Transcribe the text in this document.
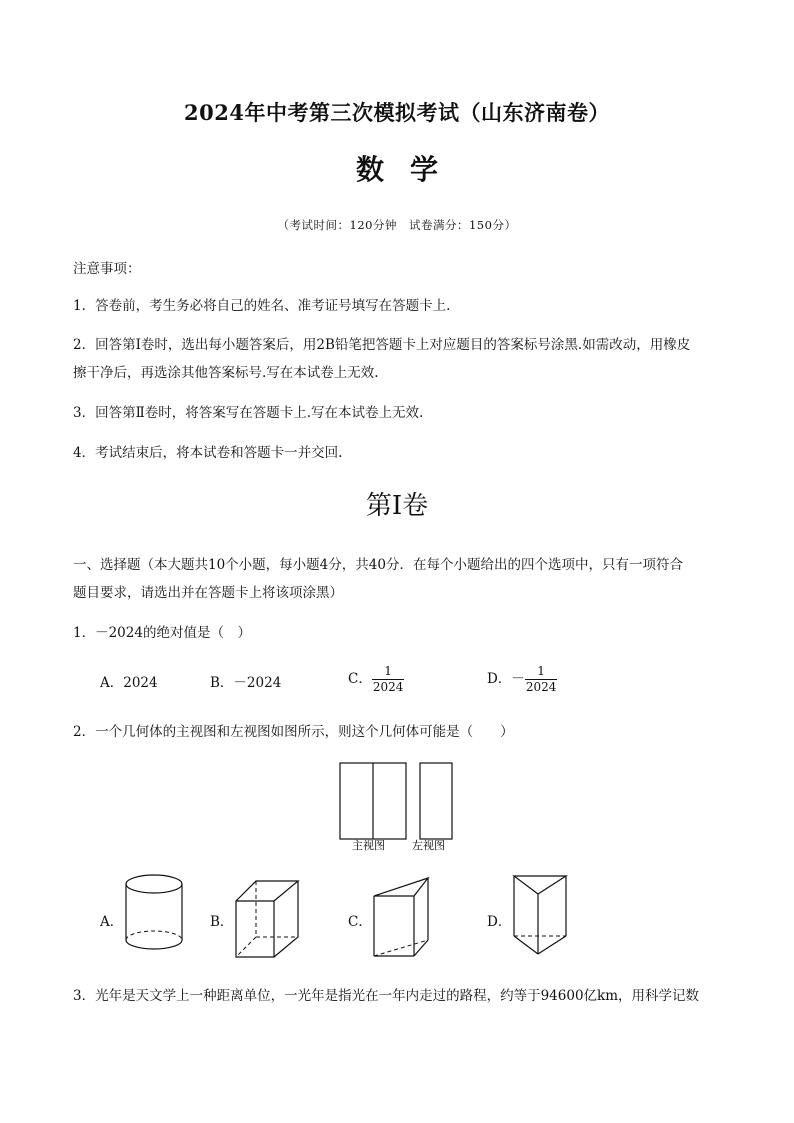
2024年中考第三次模拟考试（山东济南卷）
数学
（考试时间：120分钟　试卷满分：150分）
注意事项：
1．答卷前，考生务必将自己的姓名、准考证号填写在答题卡上.
2．回答第Ⅰ卷时，选出每小题答案后，用2B铅笔把答题卡上对应题目的答案标号涂黑.如需改动，用橡皮
擦干净后，再选涂其他答案标号.写在本试卷上无效.
3．回答第Ⅱ卷时，将答案写在答题卡上.写在本试卷上无效.
4．考试结束后，将本试卷和答题卡一并交回.
第Ⅰ卷
一、选择题（本大题共10个小题，每小题4分，共40分．在每个小题给出的四个选项中，只有一项符合
题目要求，请选出并在答题卡上将该项涂黑）
1．－2024的绝对值是（　）
A．2024	B．－2024	C． $\frac{1}{2024}$	D．－ $\frac{1}{2024}$
2．一个几何体的主视图和左视图如图所示，则这个几何体可能是（　　）
主视图 左视图
A．	B．	C．	D．
3．光年是天文学上一种距离单位，一光年是指光在一年内走过的路程，约等于94600亿km，用科学记数
